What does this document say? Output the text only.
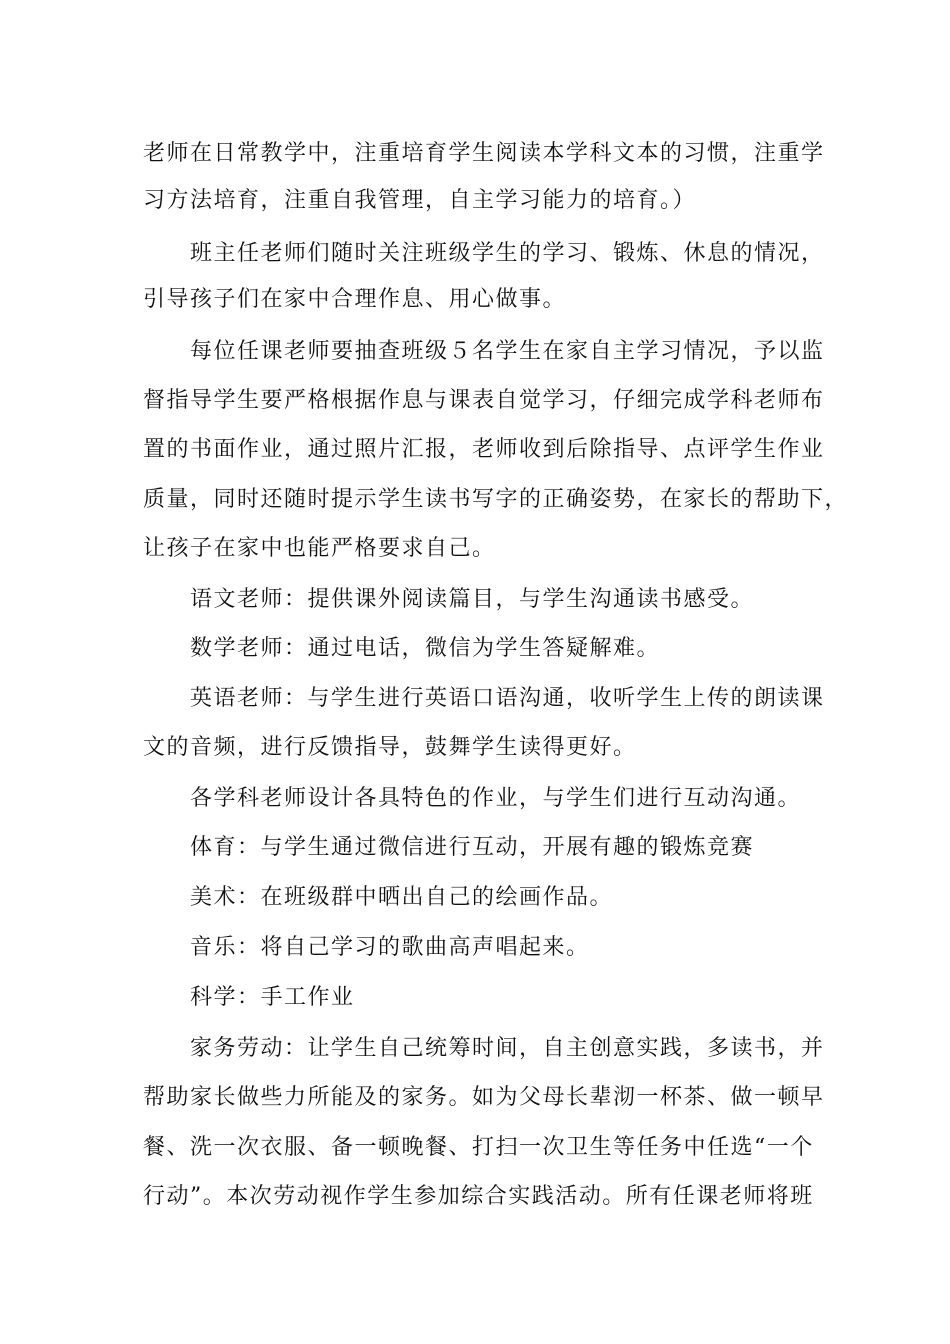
老师在日常教学中，注重培育学生阅读本学科文本的习惯，注重学

习方法培育，注重自我管理，自主学习能力的培育。）

班主任老师们随时关注班级学生的学习、锻炼、休息的情况，

引导孩子们在家中合理作息、用心做事。

每位任课老师要抽查班级５名学生在家自主学习情况，予以监

督指导学生要严格根据作息与课表自觉学习，仔细完成学科老师布

置的书面作业，通过照片汇报，老师收到后除指导、点评学生作业

质量，同时还随时提示学生读书写字的正确姿势，在家长的帮助下，

让孩子在家中也能严格要求自己。

语文老师：提供课外阅读篇目，与学生沟通读书感受。

数学老师：通过电话，微信为学生答疑解难。

英语老师：与学生进行英语口语沟通，收听学生上传的朗读课

文的音频，进行反馈指导，鼓舞学生读得更好。

各学科老师设计各具特色的作业，与学生们进行互动沟通。

体育：与学生通过微信进行互动，开展有趣的锻炼竞赛

美术：在班级群中晒出自己的绘画作品。

音乐：将自己学习的歌曲高声唱起来。

科学：手工作业

家务劳动：让学生自己统筹时间，自主创意实践，多读书，并

帮助家长做些力所能及的家务。如为父母长辈沏一杯茶、做一顿早

餐、洗一次衣服、备一顿晚餐、打扫一次卫生等任务中任选“一个

行动”。本次劳动视作学生参加综合实践活动。所有任课老师将班
